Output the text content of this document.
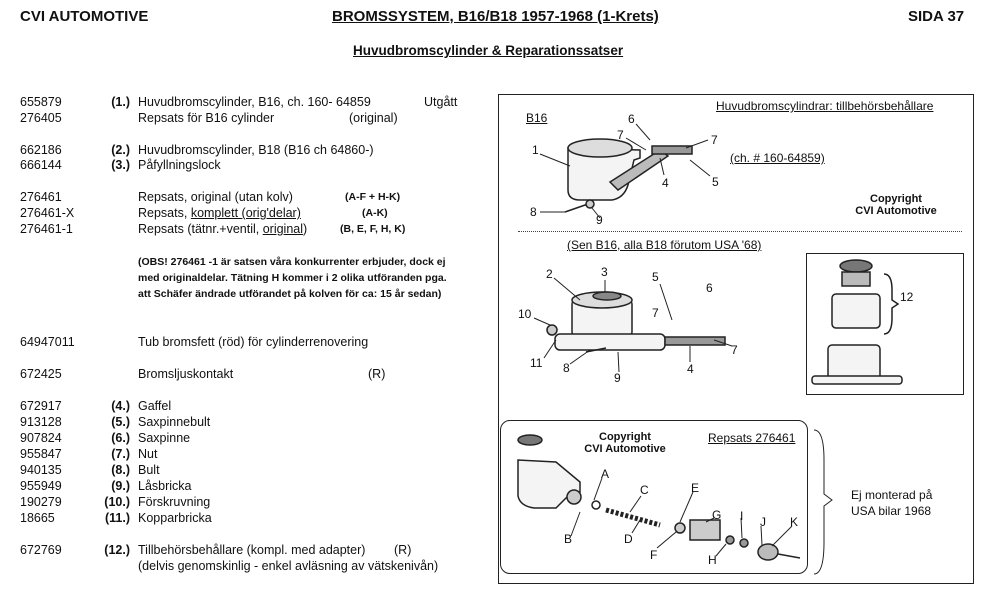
CVI AUTOMOTIVE	BROMSSYSTEM, B16/B18 1957-1968 (1-Krets)	SIDA 37
Huvudbromscylinder & Reparationssatser
655879	(1.) Huvudbromscylinder, B16, ch. 160- 64859	Utgått
276405	Repsats för B16 cylinder	(original)
662186	(2.) Huvudbromscylinder, B18 (B16 ch 64860-)
666144	(3.) Påfyllningslock
276461	Repsats, original (utan kolv)	(A-F + H-K)
276461-X	Repsats, komplett (orig'delar)	(A-K)
276461-1	Repsats (tätnr.+ventil, original)	(B, E, F, H, K)
(OBS! 276461 -1 är satsen våra konkurrenter erbjuder, dock ej med originaldelar. Tätning H kommer i 2 olika utföranden pga. att Schäfer ändrade utförandet på kolven för ca: 15 år sedan)
64947011	Tub bromsfett (röd) för cylinderrenovering
672425	Bromsljuskontakt	(R)
672917	(4.) Gaffel
913128	(5.) Saxpinnebult
907824	(6.) Saxpinne
955847	(7.) Nut
940135	(8.) Bult
955949	(9.) Låsbricka
190279	(10.) Förskruvning
18665	(11.) Kopparbricka
672769	(12.) Tillbehörsbehållare (kompl. med adapter) (R)
(delvis genomskinlig - enkel avläsning av vätskenivån)
Huvudbromscylindrar: tillbehörsbehållare
B16
(ch. # 160-64859)
Copyright
CVI Automotive
(Sen B16, alla B18 förutom USA '68)
Copyright
CVI Automotive
Repsats 276461
Ej monterad på USA bilar 1968
1
6
7	7
4	5
8
9
2	3	5
6
10	7
11 8
9
4
7
12
A
B
C
D
E
F
G
H
I J K
